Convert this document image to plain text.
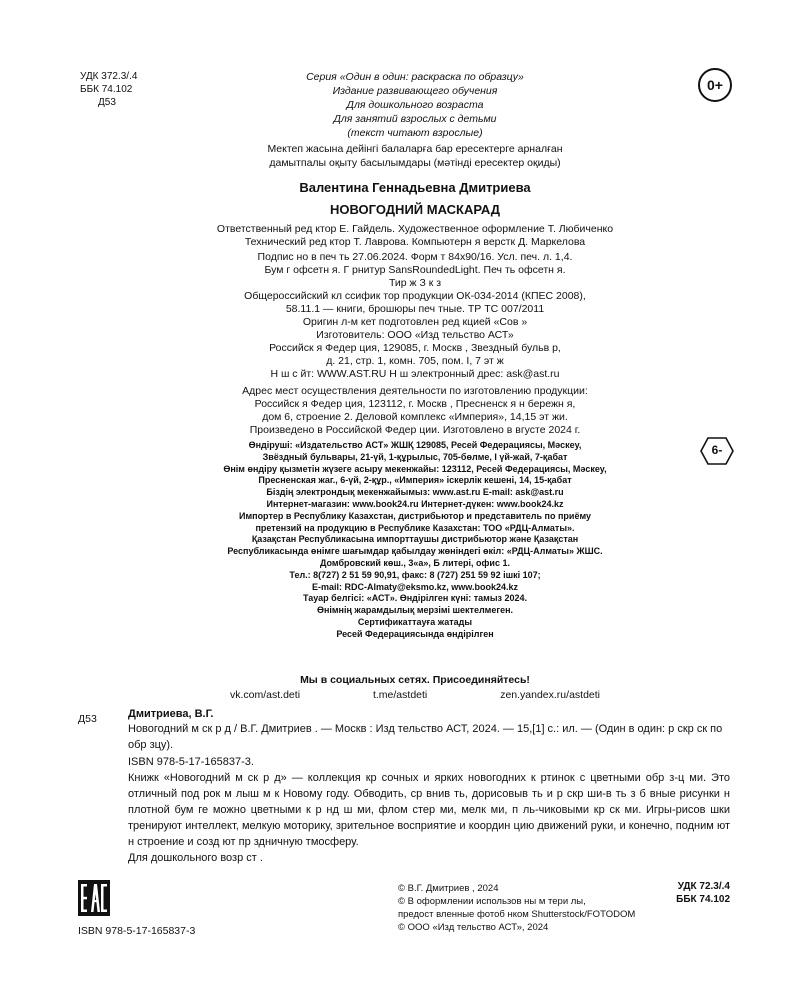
УДК 372.3/.4
ББК 74.102
Д53
0+
Серия «Один в один: раскраска по образцу»
Издание развивающего обучения
Для дошкольного возраста
Для занятий взрослых с детьми
(текст читают взрослые)
Мектеп жасына дейінгі балаларға бар ересектерге арналған
дамытпалы оқыту басылымдары (мәтінді ересектер оқиды)
Валентина Геннадьевна Дмитриева
НОВОГОДНИЙ МАСКАРАД
Ответственный ред ктор Е. Гайдель. Художественное оформление Т. Любиченко
Технический ред ктор Т. Лаврова. Компьютерн я верстк Д. Маркелова
Подпис но в печ ть 27.06.2024. Форм т 84x90/16. Усл. печ. л. 1,4.
Бум г офсетн я. Г рнитур SansRoundedLight. Печ ть офсетн я.
Тир ж З к з
Общероссийский кл ссифик тор продукции ОК-034-2014 (КПЕС 2008),
58.11.1 — книги, брошюры печ тные. ТР ТС 007/2011
Оригин л-м кет подготовлен ред кцией «Сов »
Изготовитель: ООО «Изд тельство АСТ»
Российск я Федер ция, 129085, г. Москв , Звездный бульв р,
д. 21, стр. 1, комн. 705, пом. I, 7 эт ж
Н ш с йт: WWW.AST.RU Н ш электронный дрес: ask@ast.ru
Адрес мест осуществления деятельности по изготовлению продукции:
Российск я Федер ция, 123112, г. Москв , Пресненск я н бережн я,
дом 6, строение 2. Деловой комплекс «Империя», 14,15 эт жи.
Произведено в Российской Федер ции. Изготовлено в вгусте 2024 г.
Өндіруші: «Издательство АСТ» ЖШҚ 129085, Ресей Федерациясы, Мәскеу,
Звёздный бульвары, 21-үй, 1-құрылыс, 705-бөлме, I үй-жай, 7-қабат
Өнім өндіру қызметін жүзеге асыру мекенжайы: 123112, Ресей Федерациясы, Мәскеу,
Пресненская жаг., 6-үй, 2-құр., «Империя» іскерлік кешені, 14, 15-қабат
Біздің электрондық мекенжайымыз: www.ast.ru E-mail: ask@ast.ru
Интернет-магазин: www.book24.ru Интернет-дүкен: www.book24.kz
Импортер в Республику Казахстан, дистрибьютор и представитель по приёму
претензий на продукцию в Республике Казахстан: ТОО «РДЦ-Алматы».
Қазақстан Республикасына импорттаушы дистрибьютор және Қазақстан
Республикасында өнімге шағымдар қабылдау жөніндегі өкіл: «РДЦ-Алматы» ЖШС.
Домбровский көш., 3«а», Б литері, офис 1.
Тел.: 8(727) 2 51 59 90,91, факс: 8 (727) 251 59 92 ішкі 107;
E-mail: RDC-Almaty@eksmo.kz, www.book24.kz
Тауар белгісі: «АСТ». Өндірілген күні: тамыз 2024.
Өнімнің жарамдылық мерзімі шектелмеген.
Сертификаттауға жатады
Ресей Федерациясында өндірілген
6-
Мы в социальных сетях. Присоединяйтесь!
vk.com/ast.deti	t.me/astdeti	zen.yandex.ru/astdeti
Д53	Дмитриева, В.Г.

Новогодний м ск р д / В.Г. Дмитриев . — Москв : Изд тельство АСТ, 2024. — 15,[1] с.: ил. — (Один в один: р скр ск по обр зцу).

ISBN 978-5-17-165837-3.
Книжк «Новогодний м ск р д» — коллекция кр сочных и ярких новогодних к ртинок с цветными обр з-ц ми. Это отличный под рок м лыш м к Новому году. Обводить, ср внив ть, дорисовыв ть и р скр ши-в ть з б вные рисунки н плотной бум ге можно цветными к р нд ш ми, флом стер ми, мелк ми, п ль-чиковыми кр ск ми. Игры-рисов шки тренируют интеллект, мелкую моторику, зрительное восприятие и координ цию движений руки, и конечно, подним ют н строение и созд ют пр здничную тмосферу.
Для дошкольного возр ст .
УДК 72.3/.4
ББК 74.102
ISBN 978-5-17-165837-3
© В.Г. Дмитриев , 2024
© В оформлении использов ны м тери лы,
предост вленные фотоб нком Shutterstock/FOTODOM
© ООО «Изд тельство АСТ», 2024
